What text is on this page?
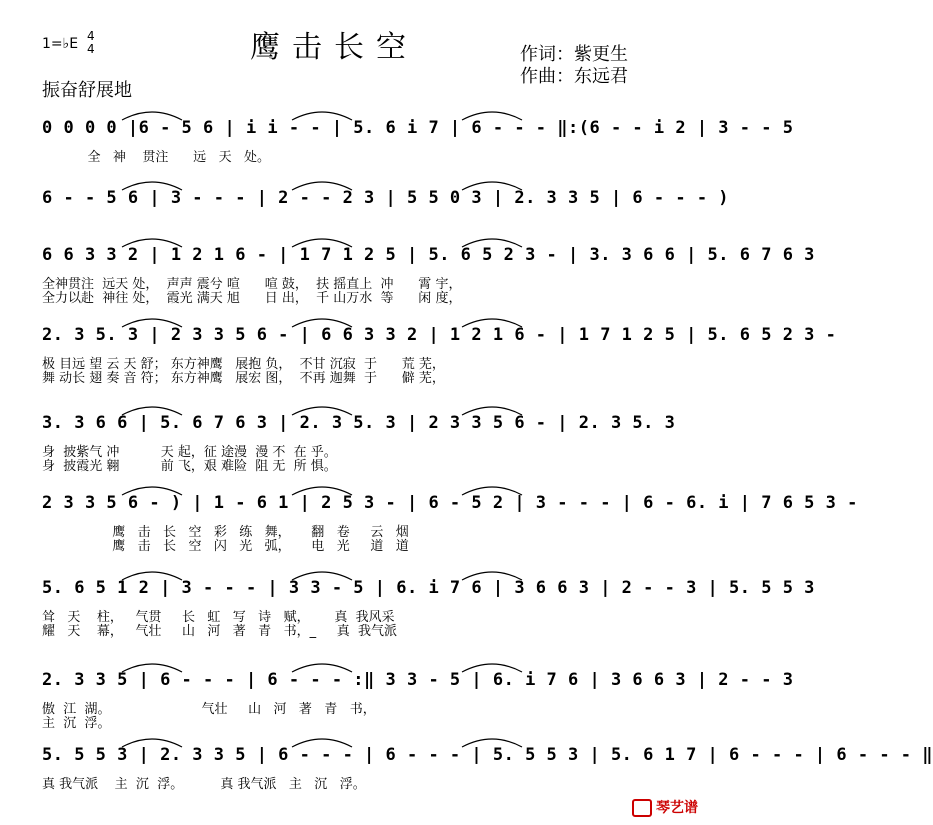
鹰击长空
1=♭E 4
4
振奋舒展地
作词：紫更生
作曲：东远君
0 0 0 0 |6 - 5 6 | i i - - | 5. 6 i 7 | 6 - - - ‖:(6 - - i 2 | 3 - - 5
全   神    贯注      远   天   处。
6 - - 5 6 | 3 - - - | 2 - - 2 3 | 5 5 0 3 | 2. 3 3 5 | 6 - - - )
6 6 3 3 2 | 1 2 1 6 - | 1 7 1 2 5 | 5. 6 5 2 3 - | 3. 3 6 6 | 5. 6 7 6 3
全神贯注  远天 处，  声声 震兮 喧      喧 鼓，  扶 摇直上  冲      霄 宇，
全力以赴  神往 处，  霞光 满天 旭      日 出，  千 山万水  等      闲 度，
2. 3 5. 3 | 2 3 3 5 6 - | 6 6 3 3 2 | 1 2 1 6 - | 1 7 1 2 5 | 5. 6 5 2 3 -
极 目远 望 云 天 舒； 东方神鹰   展抱 负，  不甘 沉寂  于      荒 芜，
舞 动长 翅 奏 音 符； 东方神鹰   展宏 图，  不再 迦舞  于      僻 芜，
3. 3 6 6 | 5. 6 7 6 3 | 2. 3 5. 3 | 2 3 3 5 6 - | 2. 3 5. 3
身  披紫气 冲          天 起，征 途漫  漫 不  在 乎。
身  披霞光 翱          前 飞，艰 难险  阻 无  所 惧。
2 3 3 5 6 - ) | 1 - 6 1 | 2 5 3 - | 6 - 5 2 | 3 - - - | 6 - 6. i | 7 6 5 3 -
鹰   击   长   空   彩   练   舞，     翻   卷     云   烟
鹰   击   长   空   闪   光   弧，     电   光     道   道
5. 6 5 1 2 | 3 - - - | 3 3 - 5 | 6. i 7 6 | 3 6 6 3 | 2 - - 3 | 5. 5 5 3
耸   天    柱，   气贯     长   虹   写   诗   赋，      真  我风采
耀   天    幕，   气壮     山   河   著   青   书，_     真  我气派
2. 3 3 5 | 6 - - - | 6 - - - :‖ 3 3 - 5 | 6. i 7 6 | 3 6 6 3 | 2 - - 3
傲  江  湖。                      气壮     山   河   著   青   书，
主  沉  浮。
5. 5 5 3 | 2. 3 3 5 | 6 - - - | 6 - - - | 5. 5 5 3 | 5. 6 1 7 | 6 - - - | 6 - - - ‖
真 我气派    主  沉  浮。         真 我气派   主   沉   浮。
琴艺谱
